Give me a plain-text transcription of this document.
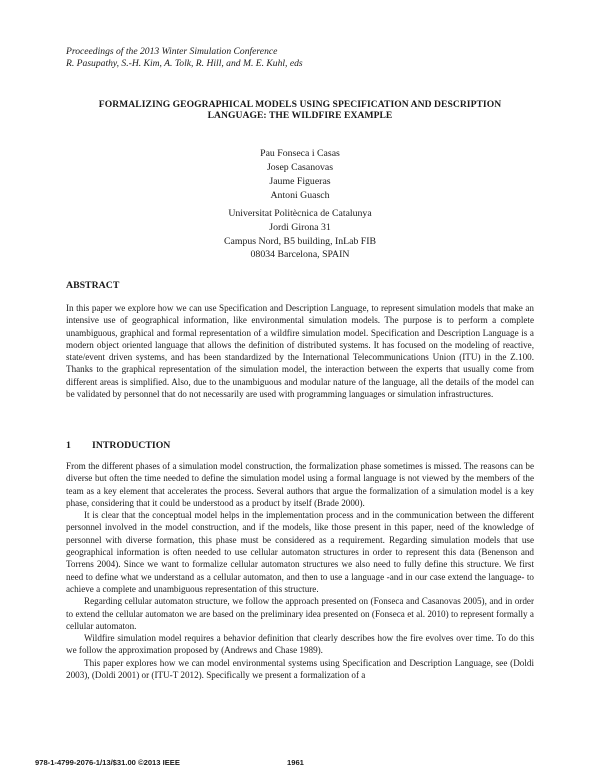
Proceedings of the 2013 Winter Simulation Conference
R. Pasupathy, S.-H. Kim, A. Tolk, R. Hill, and M. E. Kuhl, eds
FORMALIZING GEOGRAPHICAL MODELS USING SPECIFICATION AND DESCRIPTION
LANGUAGE: THE WILDFIRE EXAMPLE
Pau Fonseca i Casas
Josep Casanovas
Jaume Figueras
Antoni Guasch
Universitat Politècnica de Catalunya
Jordi Girona 31
Campus Nord, B5 building, InLab FIB
08034 Barcelona, SPAIN
ABSTRACT
In this paper we explore how we can use Specification and Description Language, to represent simulation models that make an intensive use of geographical information, like environmental simulation models. The purpose is to perform a complete unambiguous, graphical and formal representation of a wildfire simulation model. Specification and Description Language is a modern object oriented language that allows the definition of distributed systems. It has focused on the modeling of reactive, state/event driven systems, and has been standardized by the International Telecommunications Union (ITU) in the Z.100. Thanks to the graphical representation of the simulation model, the interaction between the experts that usually come from different areas is simplified. Also, due to the unambiguous and modular nature of the language, all the details of the model can be validated by personnel that do not necessarily are used with programming languages or simulation infrastructures.
1 INTRODUCTION

From the different phases of a simulation model construction, the formalization phase sometimes is missed. The reasons can be diverse but often the time needed to define the simulation model using a formal language is not viewed by the members of the team as a key element that accelerates the process. Several authors that argue the formalization of a simulation model is a key phase, considering that it could be understood as a product by itself (Brade 2000).

It is clear that the conceptual model helps in the implementation process and in the communication between the different personnel involved in the model construction, and if the models, like those present in this paper, need of the knowledge of personnel with diverse formation, this phase must be considered as a requirement. Regarding simulation models that use geographical information is often needed to use cellular automaton structures in order to represent this data (Benenson and Torrens 2004). Since we want to formalize cellular automaton structures we also need to fully define this structure. We first need to define what we understand as a cellular automaton, and then to use a language -and in our case extend the language- to achieve a complete and unambiguous representation of this structure.

Regarding cellular automaton structure, we follow the approach presented on (Fonseca and Casanovas 2005), and in order to extend the cellular automaton we are based on the preliminary idea presented on (Fonseca et al. 2010) to represent formally a cellular automaton.

Wildfire simulation model requires a behavior definition that clearly describes how the fire evolves over time. To do this we follow the approximation proposed by (Andrews and Chase 1989).

This paper explores how we can model environmental systems using Specification and Description Language, see (Doldi 2003), (Doldi 2001) or (ITU-T 2012). Specifically we present a formalization of a

978-1-4799-2076-1/13/$31.00 ©2013 IEEE	1961
